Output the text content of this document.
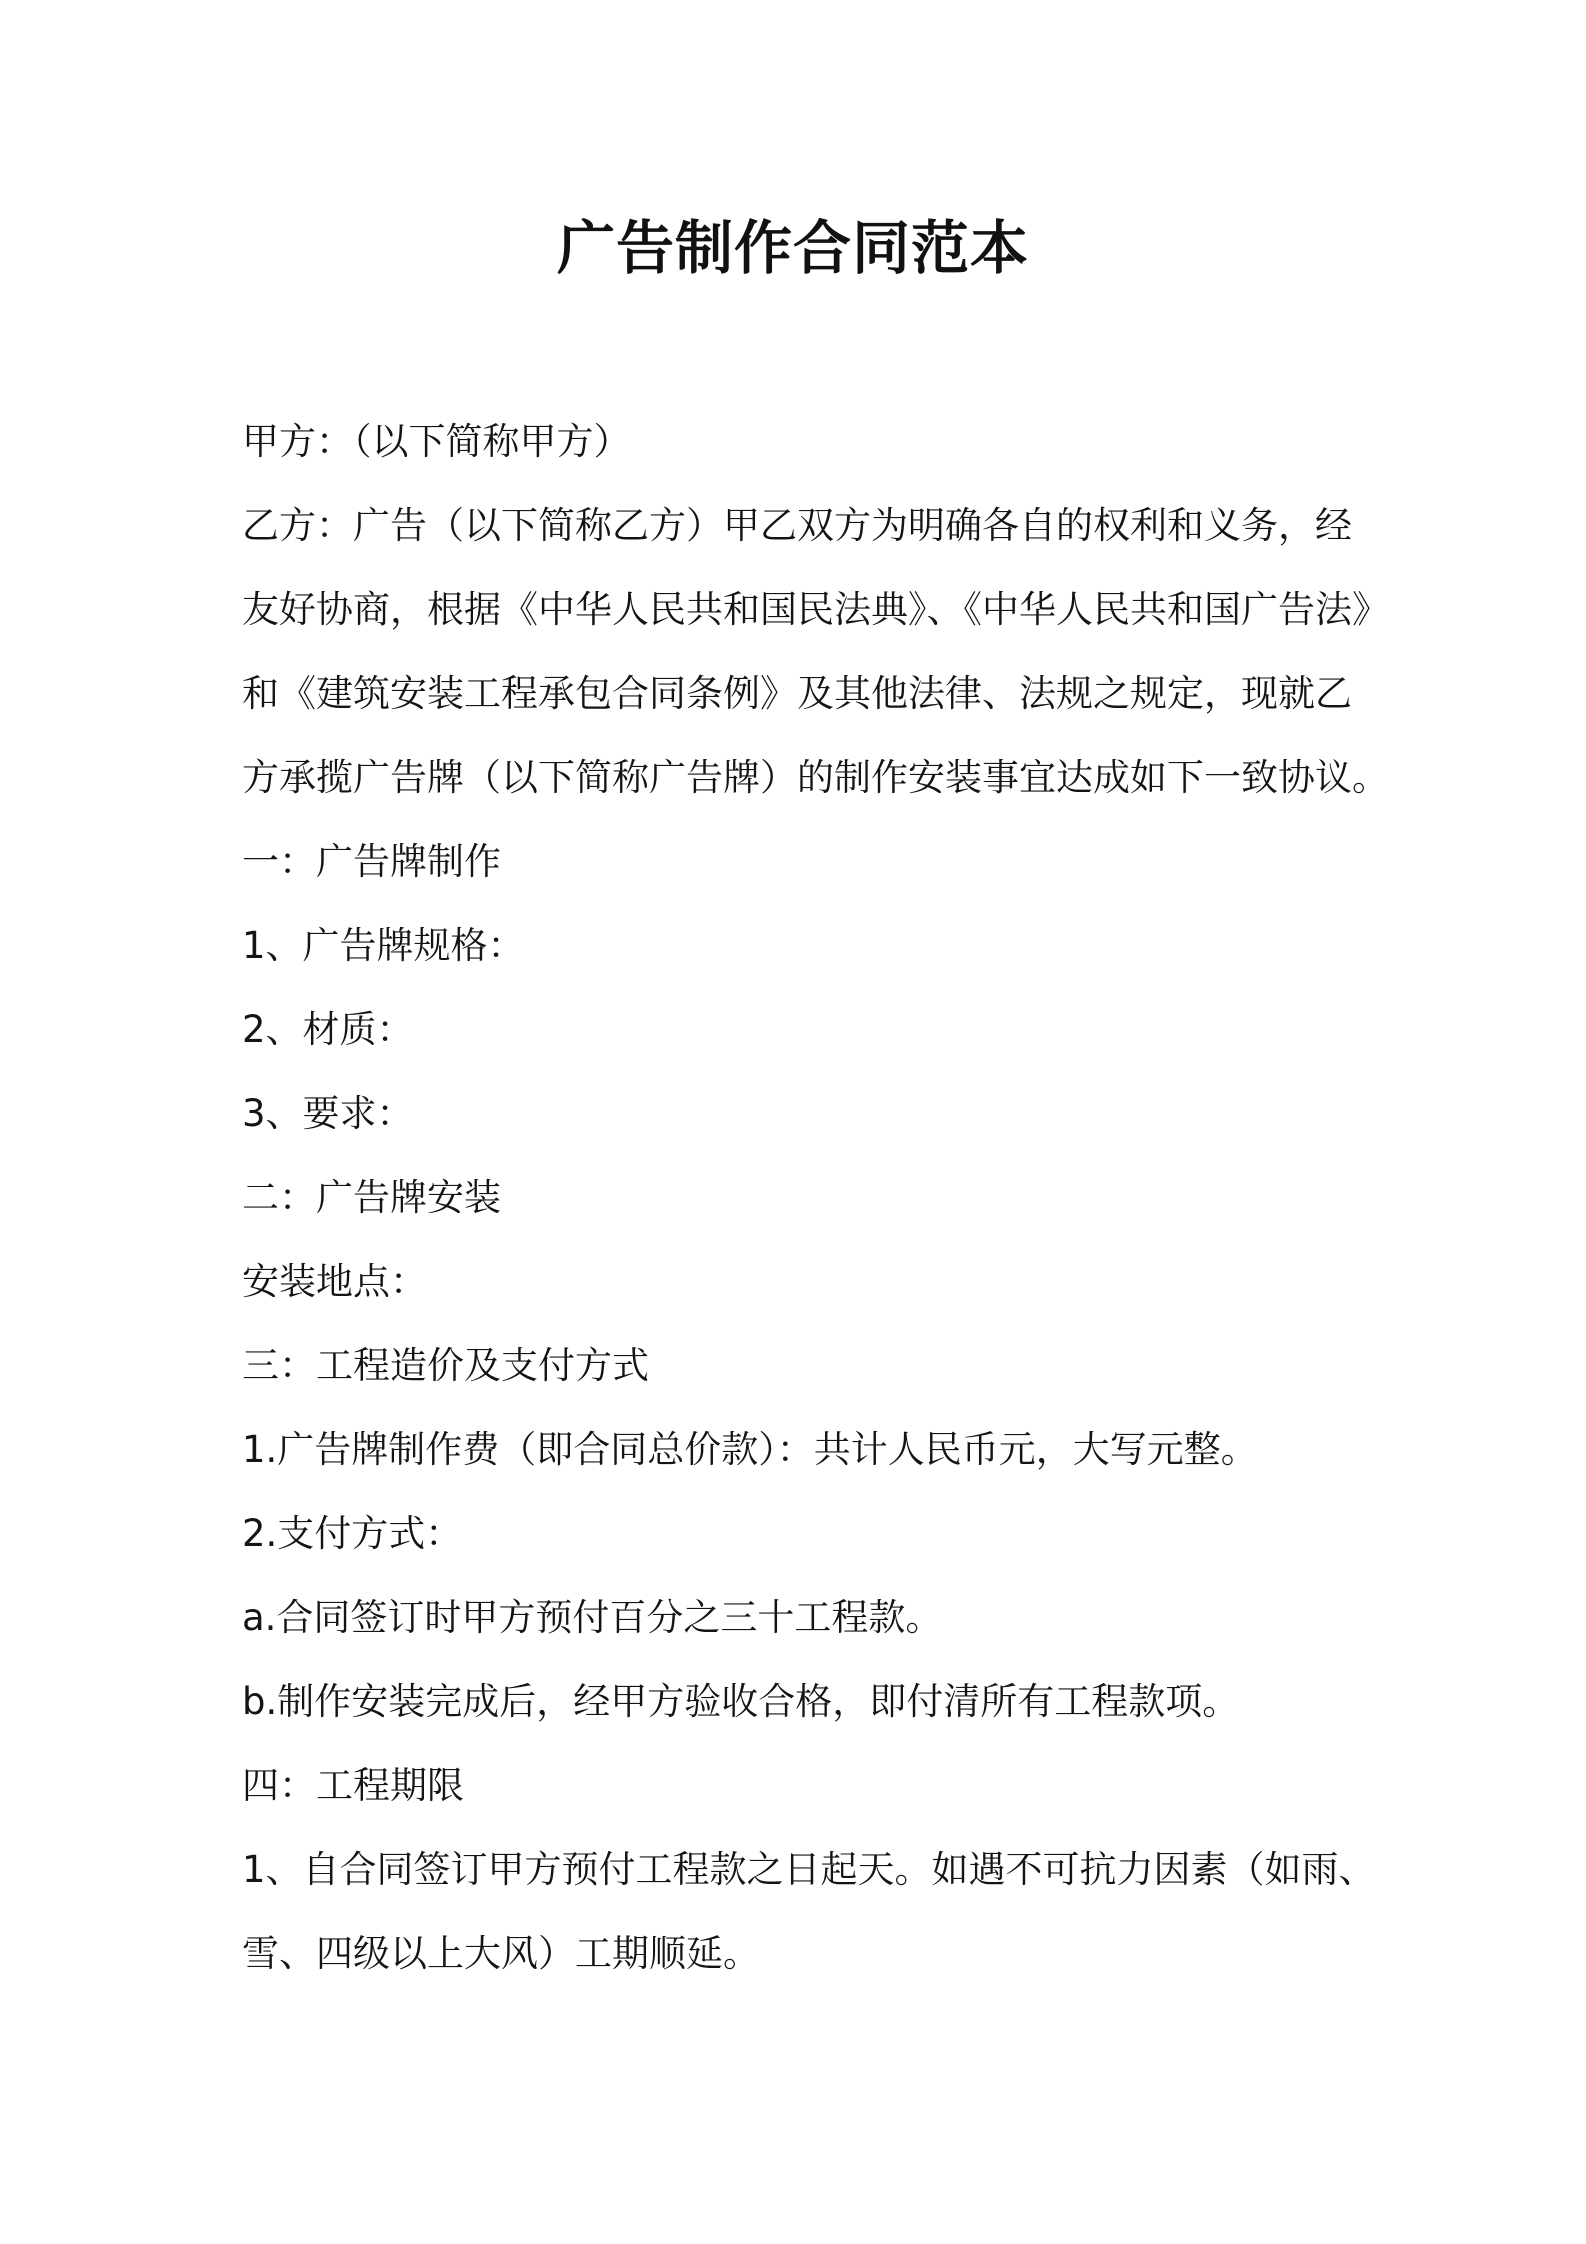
广告制作合同范本
甲方：（以下简称甲方）
乙方：广告（以下简称乙方）甲乙双方为明确各自的权利和义务，经
友好协商，根据《中华人民共和国民法典》、《中华人民共和国广告法》
和《建筑安装工程承包合同条例》及其他法律、法规之规定，现就乙
方承揽广告牌（以下简称广告牌）的制作安装事宜达成如下一致协议。
一：广告牌制作
1、广告牌规格：
2、材质：
3、要求：
二：广告牌安装
安装地点：
三：工程造价及支付方式
1.广告牌制作费（即合同总价款）：共计人民币元，大写元整。
2.支付方式：
a.合同签订时甲方预付百分之三十工程款。
b.制作安装完成后，经甲方验收合格，即付清所有工程款项。
四：工程期限
1、自合同签订甲方预付工程款之日起天。如遇不可抗力因素（如雨、
雪、四级以上大风）工期顺延。
